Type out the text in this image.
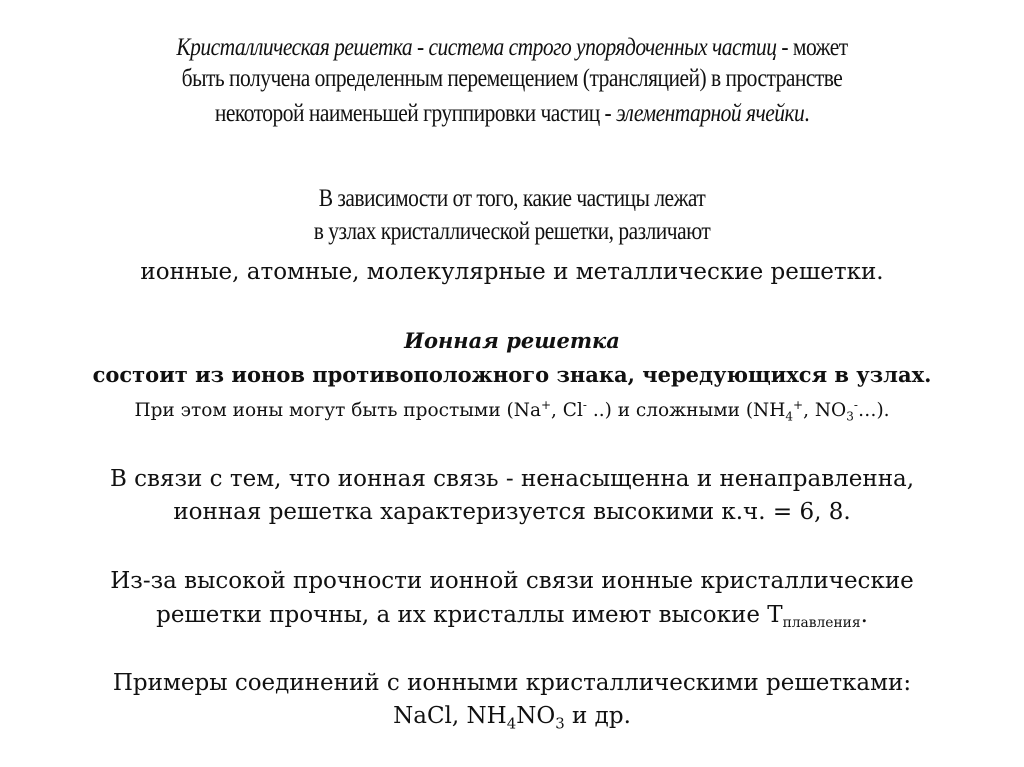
Кристаллическая решетка - система строго упорядоченных частиц - может
быть получена определенным перемещением (трансляцией) в пространстве
некоторой наименьшей группировки частиц - элементарной ячейки.
В зависимости от того, какие частицы лежат
в узлах кристаллической решетки, различают
ионные, атомные, молекулярные и металлические решетки.
Ионная решетка
состоит из ионов противоположного знака, чередующихся в узлах.
При этом ионы могут быть простыми (Na+, Cl- ..) и сложными ($NH_4^+$, $NO_3^-\dots$).
В связи с тем, что ионная связь - ненасыщенна и ненаправленна,
ионная решетка характеризуется высокими к.ч. = 6, 8.
Из-за высокой прочности ионной связи ионные кристаллические
решетки прочны, а их кристаллы имеют высокие $Т_{плавления}$.
Примеры соединений с ионными кристаллическими решетками:
NaCl, $NH_4NO_3$ и др.
